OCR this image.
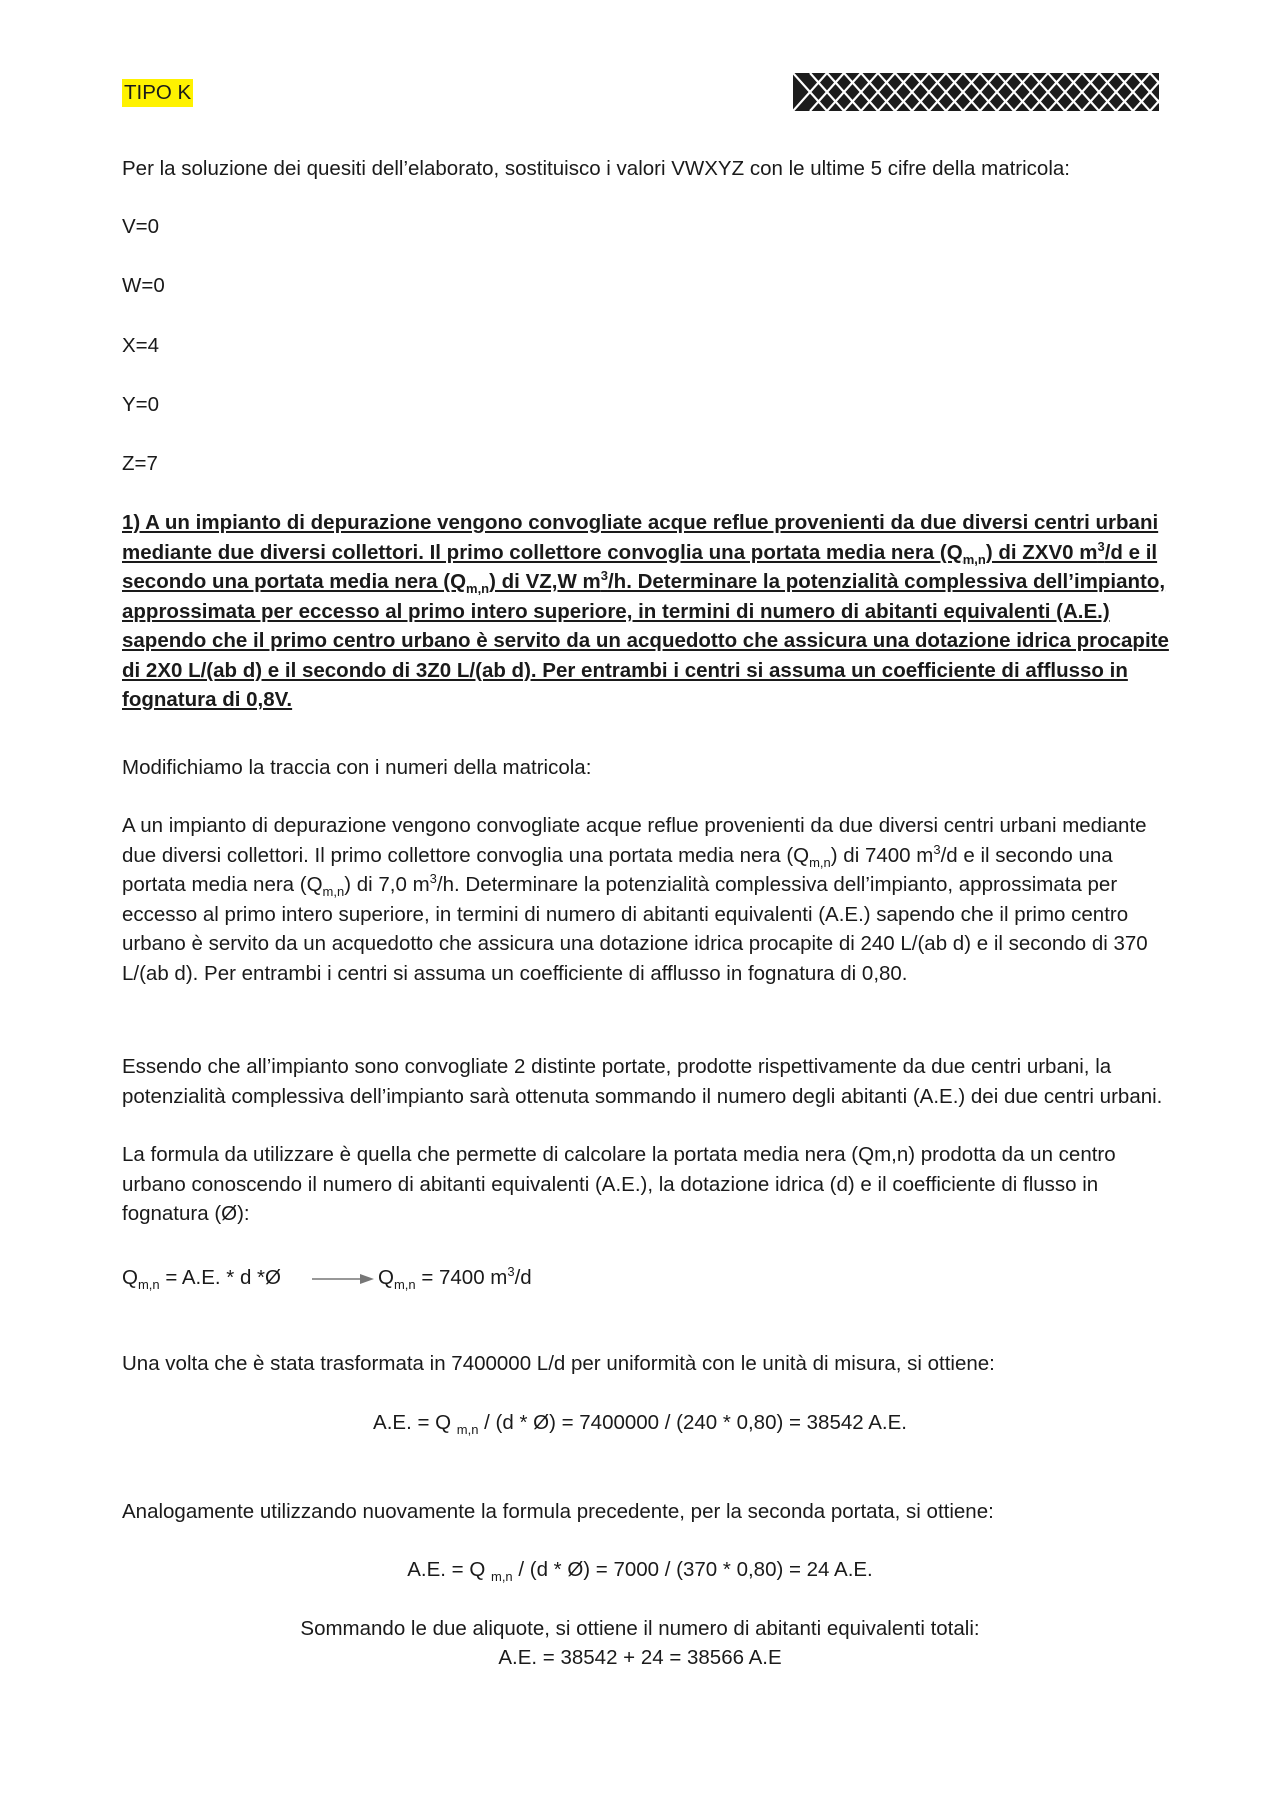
TIPO K
Per la soluzione dei quesiti dell’elaborato, sostituisco i valori VWXYZ con le ultime 5 cifre della matricola:
V=0
W=0
X=4
Y=0
Z=7
1) A un impianto di depurazione vengono convogliate acque reflue provenienti da due diversi centri urbani mediante due diversi collettori. Il primo collettore convoglia una portata media nera $(Q_{m,n})$ di ZXV0 $m^3/d$ e il secondo una portata media nera $(Q_{m,n})$ di VZ,W $m^3/h$. Determinare la potenzialità complessiva dell’impianto, approssimata per eccesso al primo intero superiore, in termini di numero di abitanti equivalenti (A.E.) sapendo che il primo centro urbano è servito da un acquedotto che assicura una dotazione idrica procapite di 2X0 L/(ab d) e il secondo di 3Z0 L/(ab d). Per entrambi i centri si assuma un coefficiente di afflusso in fognatura di 0,8V.
Modifichiamo la traccia con i numeri della matricola:
A un impianto di depurazione vengono convogliate acque reflue provenienti da due diversi centri urbani mediante due diversi collettori. Il primo collettore convoglia una portata media nera $(Q_{m,n})$ di 7400 $m^3/d$ e il secondo una portata media nera $(Q_{m,n})$ di 7,0 $m^3/h$. Determinare la potenzialità complessiva dell’impianto, approssimata per eccesso al primo intero superiore, in termini di numero di abitanti equivalenti (A.E.) sapendo che il primo centro urbano è servito da un acquedotto che assicura una dotazione idrica procapite di 240 L/(ab d) e il secondo di 370 L/(ab d). Per entrambi i centri si assuma un coefficiente di afflusso in fognatura di 0,80.
Essendo che all’impianto sono convogliate 2 distinte portate, prodotte rispettivamente da due centri urbani, la potenzialità complessiva dell’impianto sarà ottenuta sommando il numero degli abitanti (A.E.) dei due centri urbani.
La formula da utilizzare è quella che permette di calcolare la portata media nera (Qm,n) prodotta da un centro urbano conoscendo il numero di abitanti equivalenti (A.E.), la dotazione idrica (d) e il coefficiente di flusso in fognatura (Ø):
$Q_{m,n} = A.E$. * d *Ø	$Q_{m,n} = 7400$ $m^3/d$
Una volta che è stata trasformata in 7400000 L/d per uniformità con le unità di misura, si ottiene:
A.E. = Q $_{m,n}$ / (d * Ø) = 7400000 / (240 * 0,80) = 38542 A.E.
Analogamente utilizzando nuovamente la formula precedente, per la seconda portata, si ottiene:
A.E. = Q $_{m,n}$ / (d * Ø) = 7000 / (370 * 0,80) = 24 A.E.
Sommando le due aliquote, si ottiene il numero di abitanti equivalenti totali:
A.E. = 38542 + 24 = 38566 A.E
